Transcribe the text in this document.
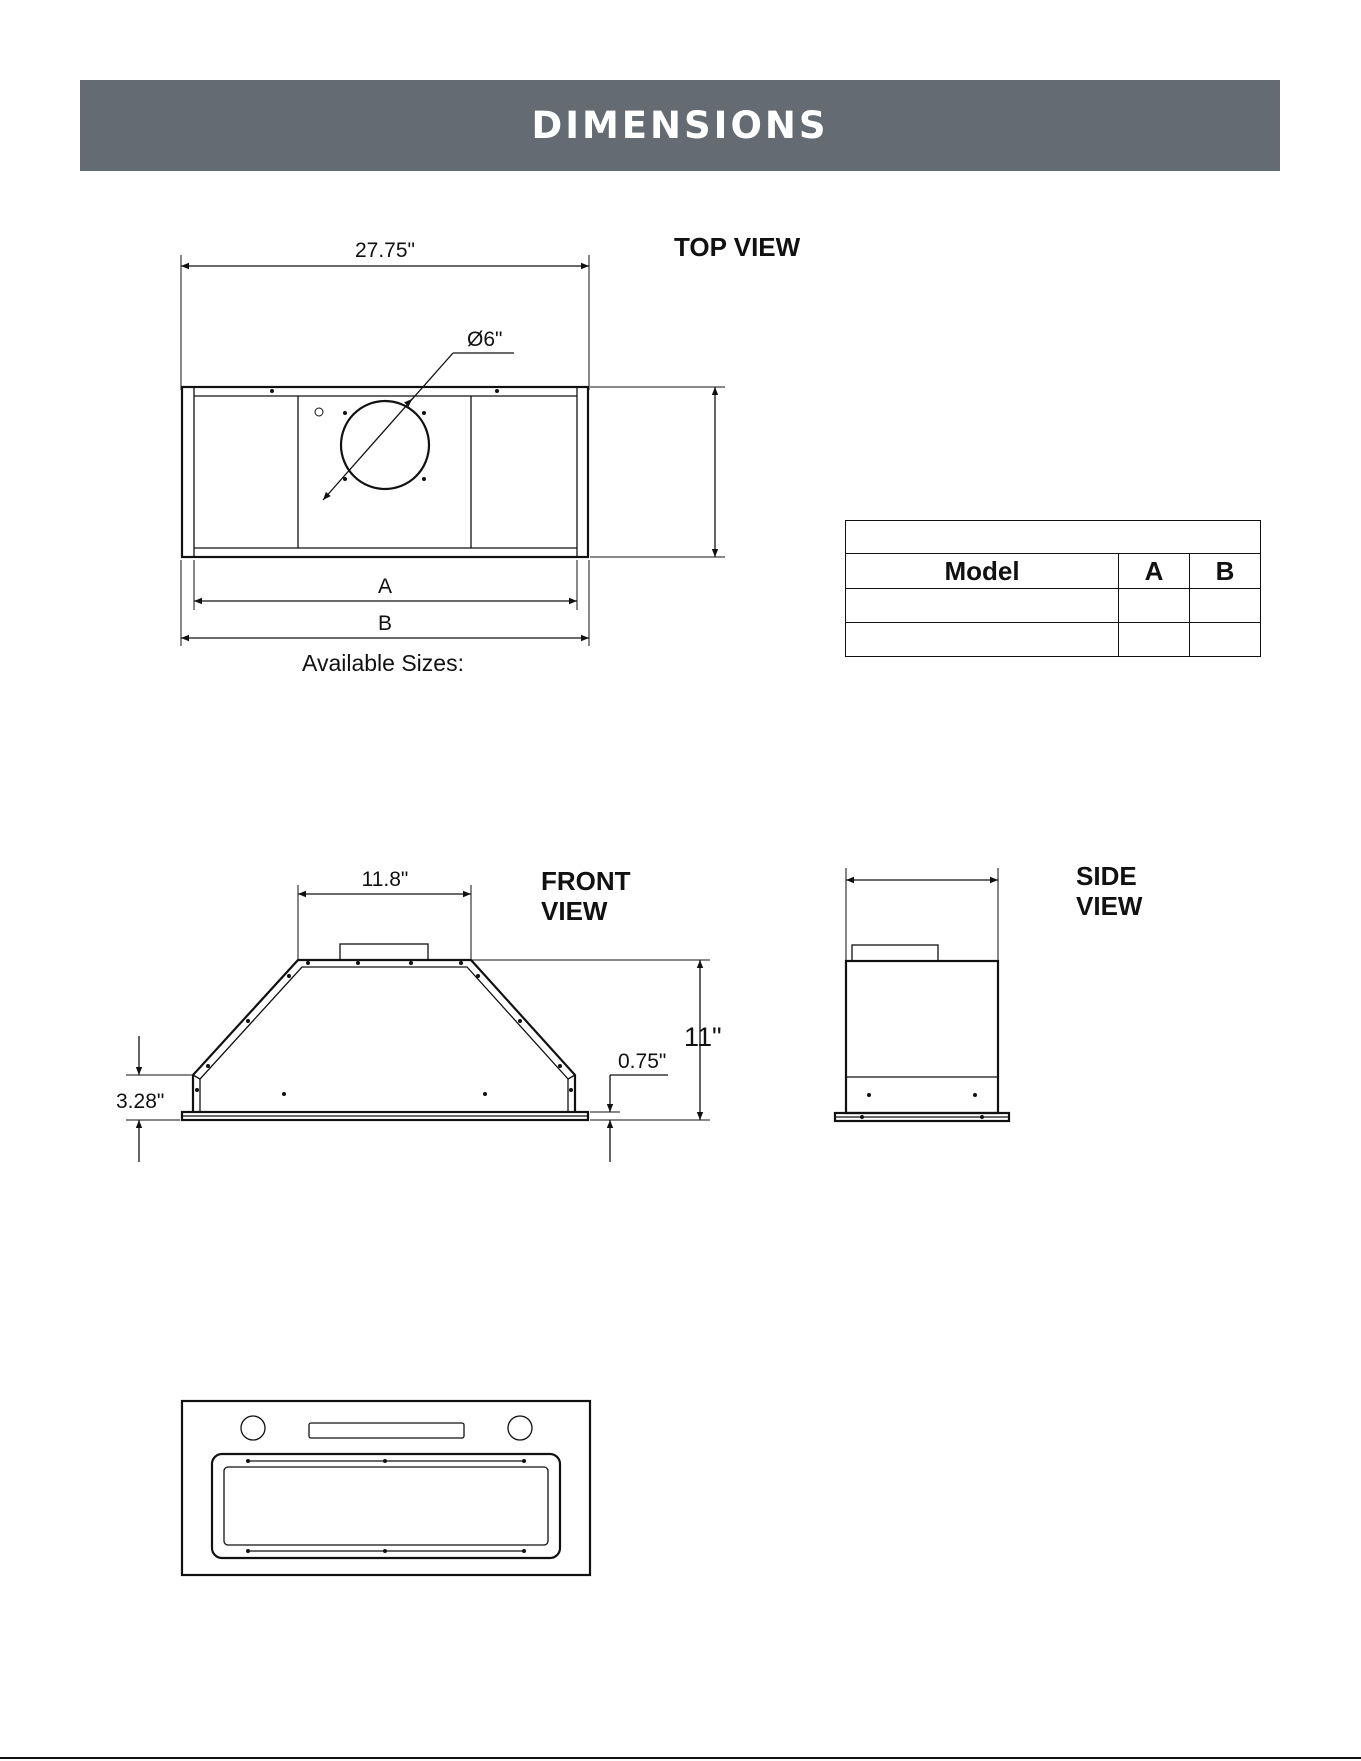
DIMENSIONS
TOP VIEW
27.75"
Ø6"
A
B
Available Sizes:
FRONT
VIEW
11.8"
11"
3.28"
0.75"
SIDE
VIEW

Model	A	B
